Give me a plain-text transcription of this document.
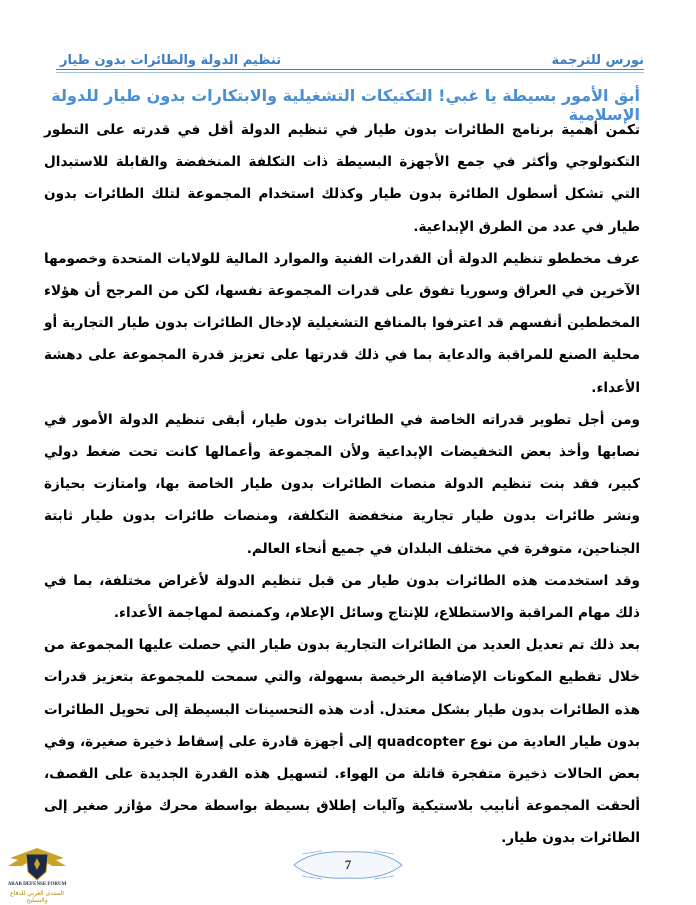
نورس للترجمة
تنظيم الدولة والطائرات بدون طيار
أبق الأمور بسيطة يا غبي! التكتيكات التشغيلية والابتكارات بدون طيار للدولة الإسلامية

تكمن أهمية برنامج الطائرات بدون طيار في تنظيم الدولة أقل في قدرته على التطور التكنولوجي وأكثر في جمع الأجهزة البسيطة ذات التكلفة المنخفضة والقابلة للاستبدال التي تشكل أسطول الطائرة بدون طيار وكذلك استخدام المجموعة لتلك الطائرات بدون طيار في عدد من الطرق الإبداعية.

عرف مخططو تنظيم الدولة أن القدرات الفنية والموارد المالية للولايات المتحدة وخصومها الآخرين في العراق وسوريا تفوق على قدرات المجموعة نفسها، لكن من المرجح أن هؤلاء المخططين أنفسهم قد اعترفوا بالمنافع التشغيلية لإدخال الطائرات بدون طيار التجارية أو محلية الصنع للمراقبة والدعاية بما في ذلك قدرتها على تعزيز قدرة المجموعة على دهشة الأعداء.

ومن أجل تطوير قدراته الخاصة في الطائرات بدون طيار، أبقى تنظيم الدولة الأمور في نصابها وأخذ بعض التخفيضات الإبداعية ولأن المجموعة وأعمالها كانت تحت ضغط دولي كبير، فقد بنت تنظيم الدولة منصات الطائرات بدون طيار الخاصة بها، وامتازت بحيازة ونشر طائرات بدون طيار تجارية منخفضة التكلفة، ومنصات طائرات بدون طيار ثابتة الجناحين، متوفرة في مختلف البلدان في جميع أنحاء العالم.

وقد استخدمت هذه الطائرات بدون طيار من قبل تنظيم الدولة لأغراض مختلفة، بما في ذلك مهام المراقبة والاستطلاع، للإنتاج وسائل الإعلام، وكمنصة لمهاجمة الأعداء.

بعد ذلك تم تعديل العديد من الطائرات التجارية بدون طيار التي حصلت عليها المجموعة من خلال تقطيع المكونات الإضافية الرخيصة بسهولة، والتي سمحت للمجموعة بتعزيز قدرات هذه الطائرات بدون طيار بشكل معتدل. أدت هذه التحسينات البسيطة إلى تحويل الطائرات بدون طيار العادية من نوع quadcopter إلى أجهزة قادرة على إسقاط ذخيرة صغيرة، وفي بعض الحالات ذخيرة متفجرة قاتلة من الهواء. لتسهيل هذه القدرة الجديدة على القصف، ألحقت المجموعة أنابيب بلاستيكية وآليات إطلاق بسيطة بواسطة محرك مؤازر صغير إلى الطائرات بدون طيار.

7
ARAB DEFENSE FORUM
المنتدى العربي للدفاع والتسليح
